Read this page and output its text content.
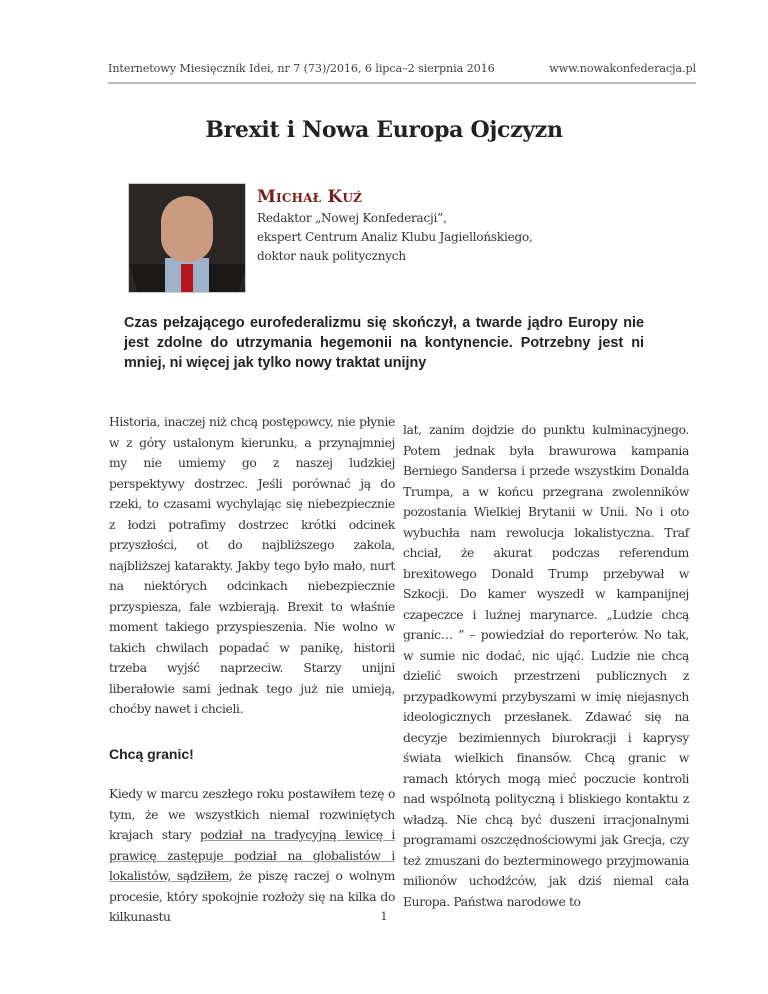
Internetowy Miesięcznik Idei, nr 7 (73)/2016, 6 lipca–2 sierpnia 2016	www.nowakonfederacja.pl
Brexit i Nowa Europa Ojczyzn
Michał Kuź
Redaktor „Nowej Konfederacji”,
ekspert Centrum Analiz Klubu Jagiellońskiego,
doktor nauk politycznych
Czas pełzającego eurofederalizmu się skończył, a twarde jądro Europy nie jest zdolne do utrzymania hegemonii na kontynencie. Potrzebny jest ni mniej, ni więcej jak tylko nowy traktat unijny

Historia, inaczej niż chcą postępowcy, nie płynie w z góry ustalonym kierunku, a przynajmniej my nie umiemy go z naszej ludzkiej perspektywy dostrzec. Jeśli porównać ją do rzeki, to czasami wychylając się niebezpiecznie z łodzi potrafimy dostrzec krótki odcinek przyszłości, ot do najbliższego zakola, najbliższej katarakty. Jakby tego było mało, nurt na niektórych odcinkach niebezpiecznie przyspiesza, fale wzbierają. Brexit to właśnie moment takiego przyspieszenia. Nie wolno w takich chwilach popadać w panikę, historii trzeba wyjść naprzeciw. Starzy unijni liberałowie sami jednak tego już nie umieją, choćby nawet i chcieli.

Chcą granic!

Kiedy w marcu zeszłego roku postawiłem tezę o tym, że we wszystkich niemal rozwiniętych krajach stary podział na tradycyjną lewicę i prawicę zastępuje podział na globalistów i lokalistów, sądziłem, że piszę raczej o wolnym procesie, który spokojnie rozłoży się na kilka do kilkunastu

lat, zanim dojdzie do punktu kulminacyjnego. Potem jednak była brawurowa kampania Berniego Sandersa i przede wszystkim Donalda Trumpa, a w końcu przegrana zwolenników pozostania Wielkiej Brytanii w Unii. No i oto wybuchła nam rewolucja lokalistyczna. Traf chciał, że akurat podczas referendum brexitowego Donald Trump przebywał w Szkocji. Do kamer wyszedł w kampanijnej czapeczce i luźnej marynarce. „Ludzie chcą granic… ” – powiedział do reporterów. No tak, w sumie nic dodać, nic ująć. Ludzie nie chcą dzielić swoich przestrzeni publicznych z przypadkowymi przybyszami w imię niejasnych ideologicznych przesłanek. Zdawać się na decyzje bezimiennych biurokracji i kaprysy świata wielkich finansów. Chcą granic w ramach których mogą mieć poczucie kontroli nad wspólnotą polityczną i bliskiego kontaktu z władzą. Nie chcą być duszeni irracjonalnymi programami oszczędnościowymi jak Grecja, czy też zmuszani do bezterminowego przyjmowania milionów uchodźców, jak dziś niemal cała Europa. Państwa narodowe to

1
